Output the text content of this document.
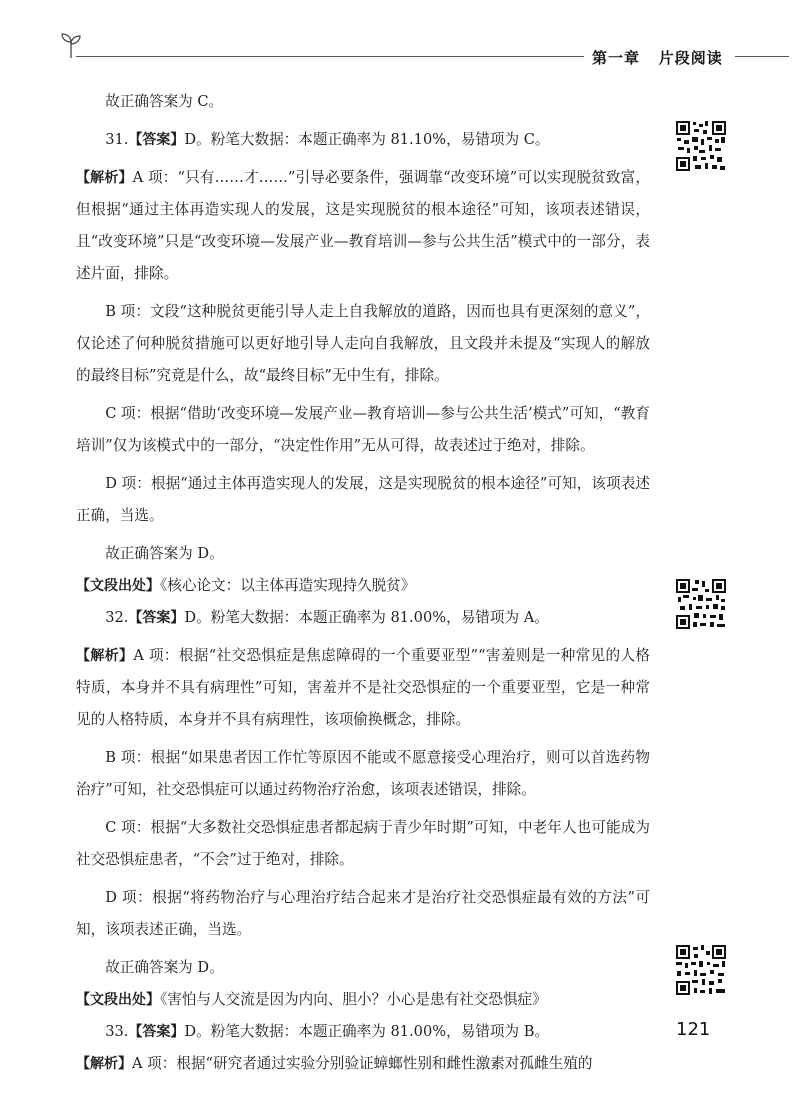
第一章 片段阅读

故正确答案为 C。

31.【答案】D。粉笔大数据：本题正确率为 81.10%，易错项为 C。

【解析】A 项：“只有……才……”引导必要条件，强调靠“改变环境”可以实现脱贫致富，但根据“通过主体再造实现人的发展，这是实现脱贫的根本途径”可知，该项表述错误，且“改变环境”只是“改变环境—发展产业—教育培训—参与公共生活”模式中的一部分，表述片面，排除。

B 项：文段“这种脱贫更能引导人走上自我解放的道路，因而也具有更深刻的意义”，仅论述了何种脱贫措施可以更好地引导人走向自我解放，且文段并未提及“实现人的解放的最终目标”究竟是什么，故“最终目标”无中生有，排除。

C 项：根据“借助‘改变环境—发展产业—教育培训—参与公共生活’模式”可知，“教育培训”仅为该模式中的一部分，“决定性作用”无从可得，故表述过于绝对，排除。

D 项：根据“通过主体再造实现人的发展，这是实现脱贫的根本途径”可知，该项表述正确，当选。

故正确答案为 D。

【文段出处】《核心论文：以主体再造实现持久脱贫》

32.【答案】D。粉笔大数据：本题正确率为 81.00%，易错项为 A。

【解析】A 项：根据“社交恐惧症是焦虑障碍的一个重要亚型”“害羞则是一种常见的人格特质，本身并不具有病理性”可知，害羞并不是社交恐惧症的一个重要亚型，它是一种常见的人格特质，本身并不具有病理性，该项偷换概念，排除。

B 项：根据“如果患者因工作忙等原因不能或不愿意接受心理治疗，则可以首选药物治疗”可知，社交恐惧症可以通过药物治疗治愈，该项表述错误，排除。

C 项：根据“大多数社交恐惧症患者都起病于青少年时期”可知，中老年人也可能成为社交恐惧症患者，“不会”过于绝对，排除。

D 项：根据“将药物治疗与心理治疗结合起来才是治疗社交恐惧症最有效的方法”可知，该项表述正确，当选。

故正确答案为 D。

【文段出处】《害怕与人交流是因为内向、胆小？小心是患有社交恐惧症》

33.【答案】D。粉笔大数据：本题正确率为 81.00%，易错项为 B。

【解析】A 项：根据“研究者通过实验分别验证蟑螂性别和雌性激素对孤雌生殖的

121
